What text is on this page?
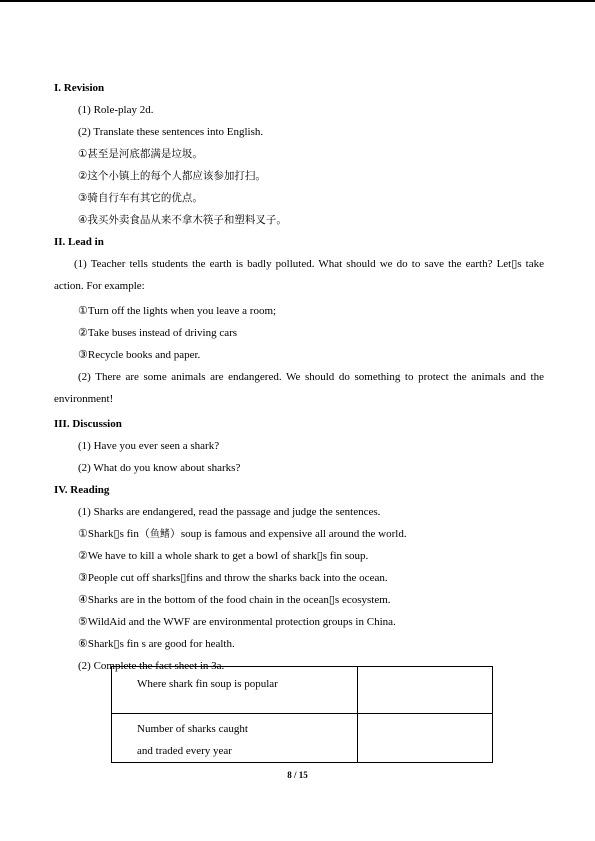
I. Revision
(1) Role-play 2d.
(2) Translate these sentences into English.
①甚至是河底都满是垃圾。
②这个小镇上的每个人都应该参加打扫。
③骑自行车有其它的优点。
④我买外卖食品从来不拿木筷子和塑料叉子。
II. Lead in
(1) Teacher tells students the earth is badly polluted. What should we do to save the earth? Let▯s take action. For example:
①Turn off the lights when you leave a room;
②Take buses instead of driving cars
③Recycle books and paper.
(2) There are some animals are endangered. We should do something to protect the animals and the environment!
III. Discussion
(1) Have you ever seen a shark?
(2) What do you know about sharks?
IV. Reading
(1) Sharks are endangered, read the passage and judge the sentences.
①Shark▯s fin（鱼鳍）soup is famous and expensive all around the world.
②We have to kill a whole shark to get a bowl of shark▯s fin soup.
③People cut off sharks▯fins and throw the sharks back into the ocean.
④Sharks are in the bottom of the food chain in the ocean▯s ecosystem.
⑤WildAid and the WWF are environmental protection groups in China.
⑥Shark▯s fin s are good for health.
(2) Complete the fact sheet in 3a.
Where shark fin soup is popular	

Number of sharks caught
and traded every year	

8 / 15
